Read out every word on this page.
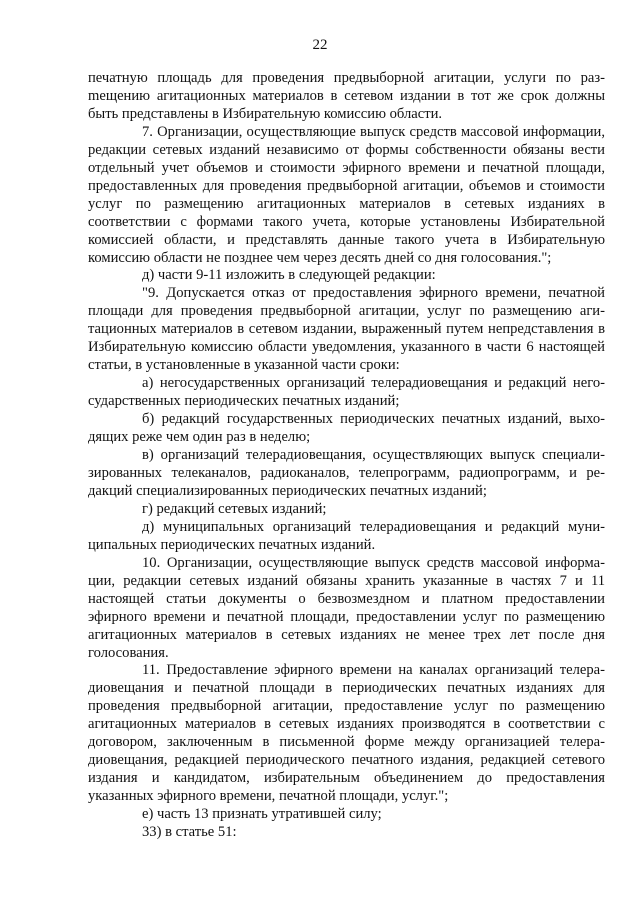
22

печатную площадь для проведения предвыборной агитации, услуги по разmещению агитационных материалов в сетевом издании в тот же срок должны быть представлены в Избирательную комиссию области.

7. Организации, осуществляющие выпуск средств массовой информации, редакции сетевых изданий независимо от формы собственности обязаны вести отдельный учет объемов и стоимости эфирного времени и печатной площади, предоставленных для проведения предвыборной агитации, объемов и стоимости услуг по размещению агитационных материалов в сетевых изданиях в соответствии с формами такого учета, которые установлены Избирательной комиссией области, и представлять данные такого учета в Избирательную комиссию области не позднее чем через десять дней со дня голосования.";

д) части 9-11 изложить в следующей редакции:

"9. Допускается отказ от предоставления эфирного времени, печатной площади для проведения предвыборной агитации, услуг по размещению агитационных материалов в сетевом издании, выраженный путем непредставления в Избирательную комиссию области уведомления, указанного в части 6 настоящей статьи, в установленные в указанной части сроки:

а) негосударственных организаций телерадиовещания и редакций негосударственных периодических печатных изданий;

б) редакций государственных периодических печатных изданий, выходящих реже чем один раз в неделю;

в) организаций телерадиовещания, осуществляющих выпуск специализированных телеканалов, радиоканалов, телепрограмм, радиопрограмм, и редакций специализированных периодических печатных изданий;

г) редакций сетевых изданий;

д) муниципальных организаций телерадиовещания и редакций муниципальных периодических печатных изданий.

10. Организации, осуществляющие выпуск средств массовой информации, редакции сетевых изданий обязаны хранить указанные в частях 7 и 11 настоящей статьи документы о безвозмездном и платном предоставлении эфирного времени и печатной площади, предоставлении услуг по размещению агитационных материалов в сетевых изданиях не менее трех лет после дня голосования.

11. Предоставление эфирного времени на каналах организаций телерадиовещания и печатной площади в периодических печатных изданиях для проведения предвыборной агитации, предоставление услуг по размещению агитационных материалов в сетевых изданиях производятся в соответствии с договором, заключенным в письменной форме между организацией телерадиовещания, редакцией периодического печатного издания, редакцией сетевого издания и кандидатом, избирательным объединением до предоставления указанных эфирного времени, печатной площади, услуг.";

е) часть 13 признать утратившей силу;

33) в статье 51:
